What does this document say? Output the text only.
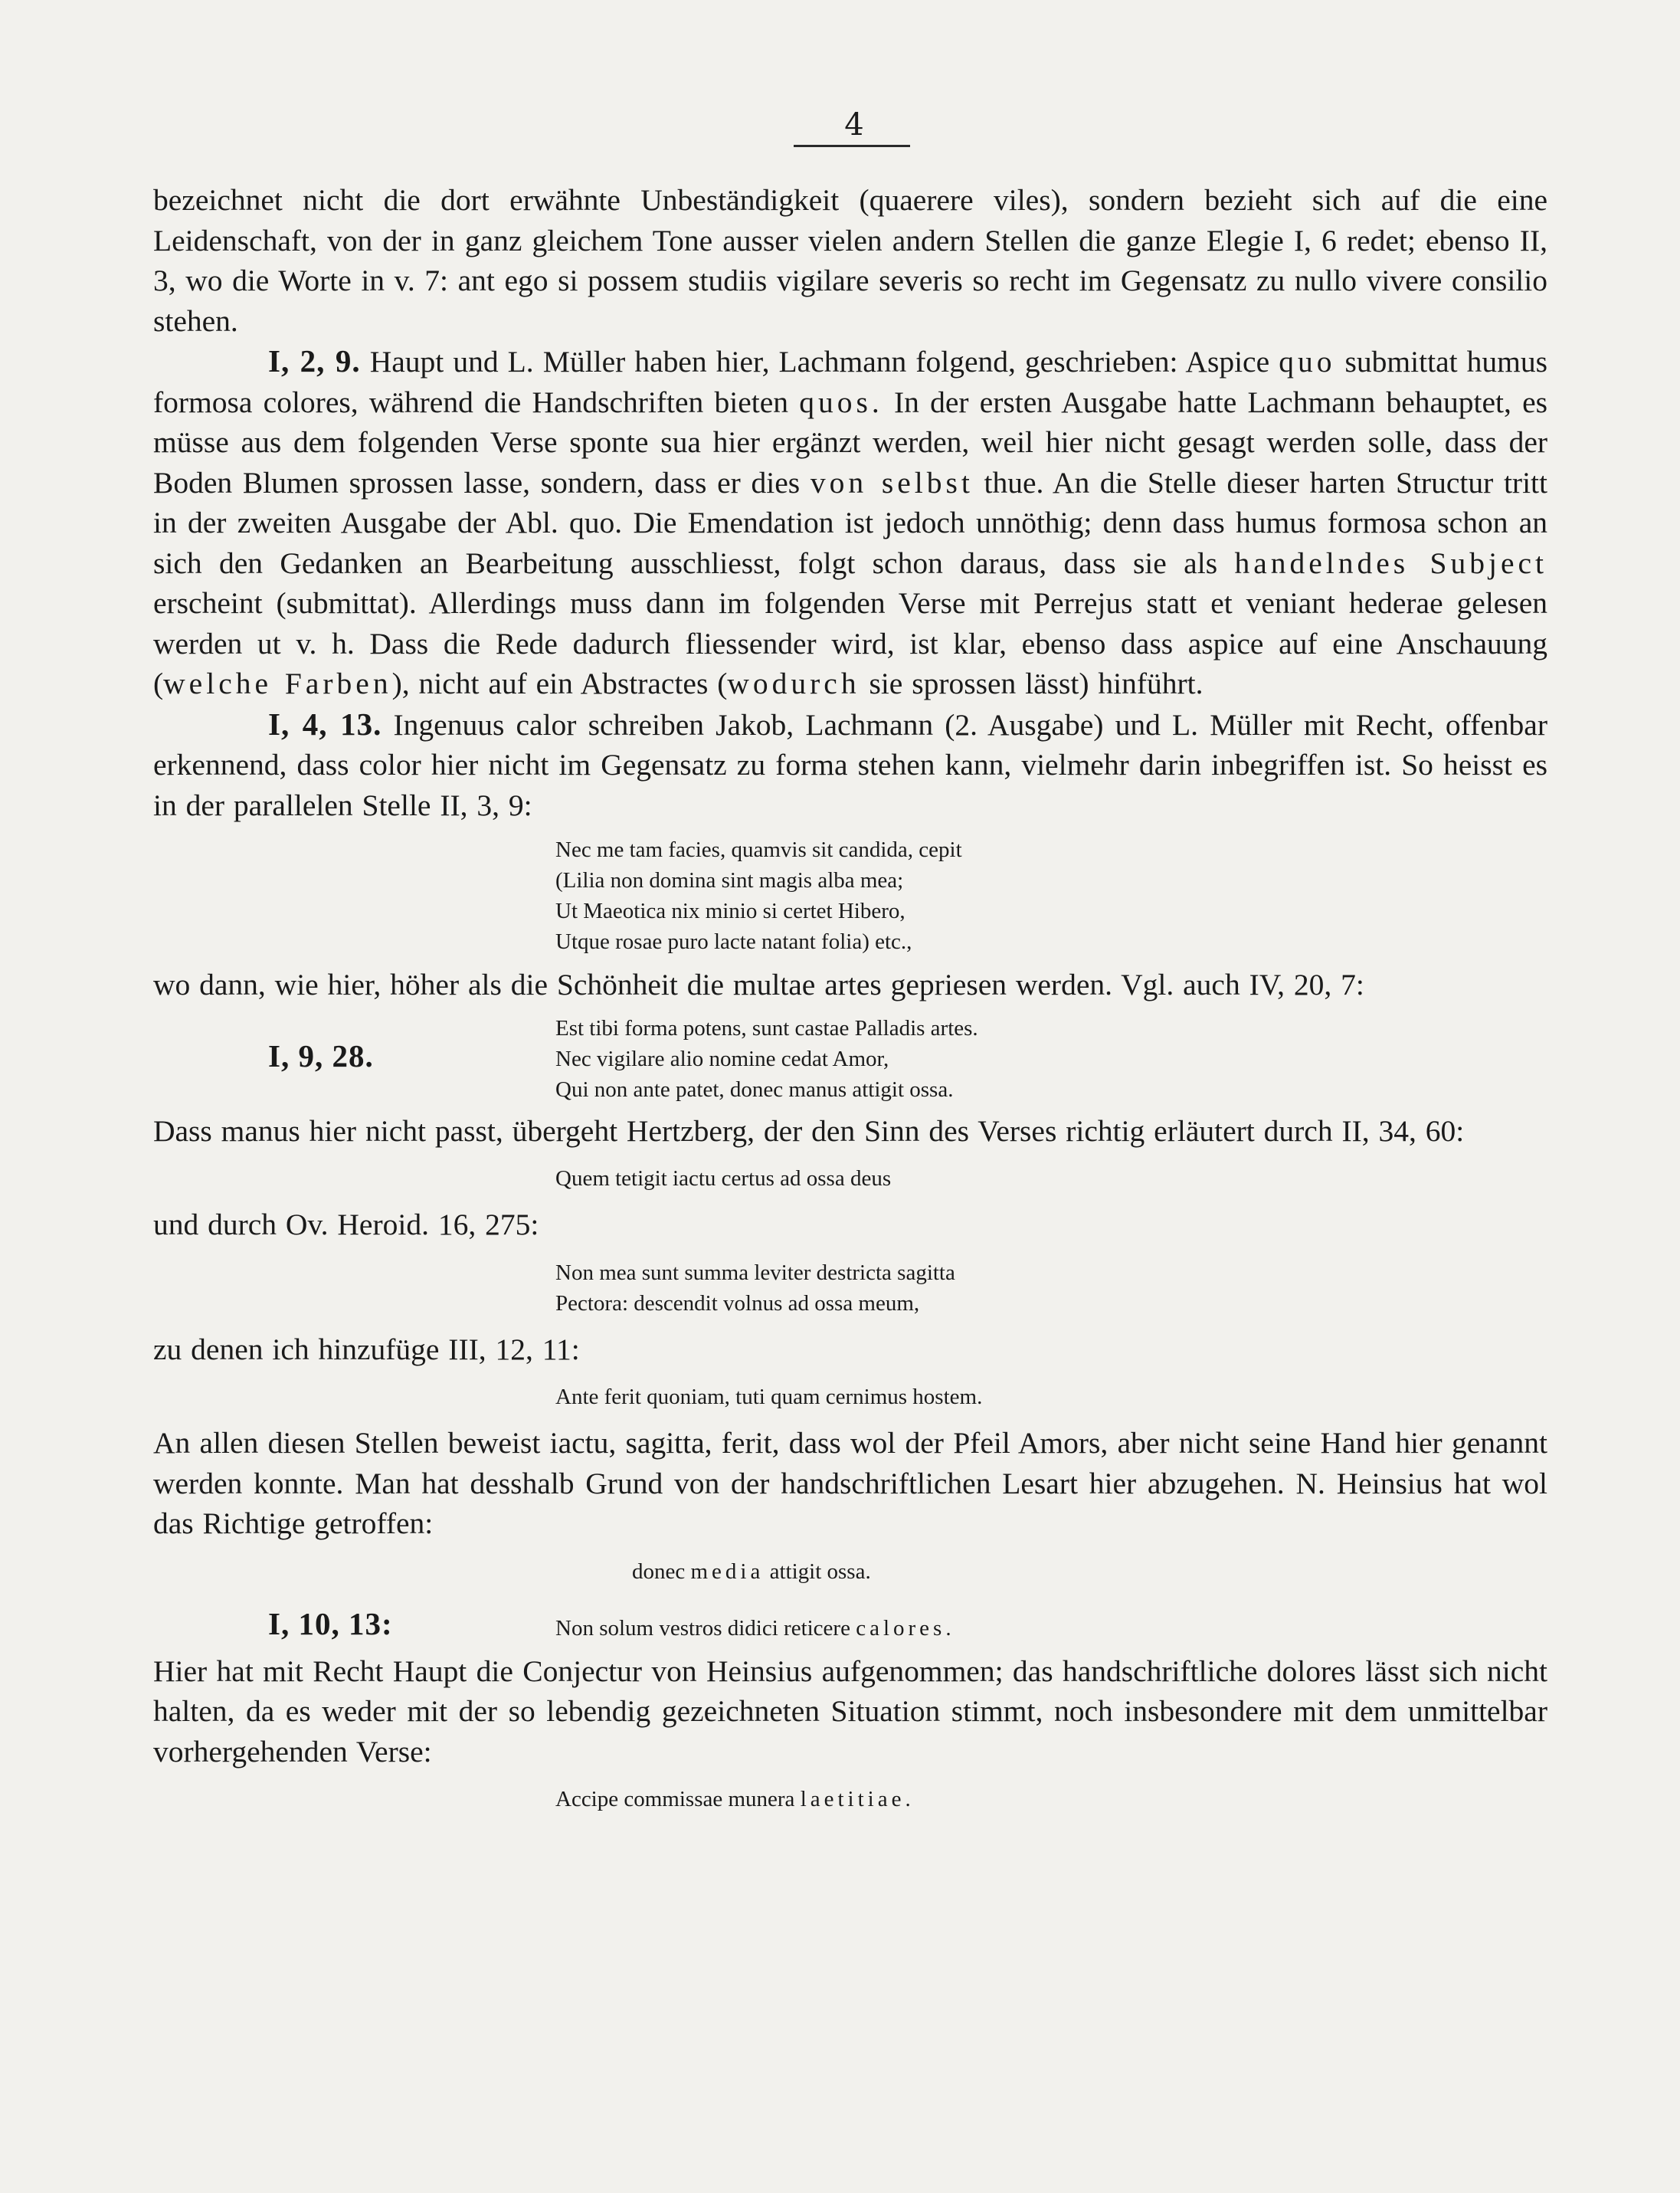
4

bezeichnet nicht die dort erwähnte Unbeständigkeit (quaerere viles), sondern bezieht sich auf die eine Leidenschaft, von der in ganz gleichem Tone ausser vielen andern Stellen die ganze Elegie I, 6 redet; ebenso II, 3, wo die Worte in v. 7: ant ego si possem studiis vigilare severis so recht im Gegensatz zu nullo vivere consilio stehen.

I, 2, 9. Haupt und L. Müller haben hier, Lachmann folgend, geschrieben: Aspice quo submittat humus formosa colores, während die Handschriften bieten quos. In der ersten Ausgabe hatte Lachmann behauptet, es müsse aus dem folgenden Verse sponte sua hier ergänzt werden, weil hier nicht gesagt werden solle, dass der Boden Blumen sprossen lasse, sondern, dass er dies von selbst thue. An die Stelle dieser harten Structur tritt in der zweiten Ausgabe der Abl. quo. Die Emendation ist jedoch unnöthig; denn dass humus formosa schon an sich den Gedanken an Bearbeitung ausschliesst, folgt schon daraus, dass sie als handelndes Subject erscheint (submittat). Allerdings muss dann im folgenden Verse mit Perrejus statt et veniant hederae gelesen werden ut v. h. Dass die Rede dadurch fliessender wird, ist klar, ebenso dass aspice auf eine Anschauung (welche Farben), nicht auf ein Abstractes (wodurch sie sprossen lässt) hinführt.

I, 4, 13. Ingenuus calor schreiben Jakob, Lachmann (2. Ausgabe) und L. Müller mit Recht, offenbar erkennend, dass color hier nicht im Gegensatz zu forma stehen kann, vielmehr darin inbegriffen ist. So heisst es in der parallelen Stelle II, 3, 9:

Nec me tam facies, quamvis sit candida, cepit

(Lilia non domina sint magis alba mea;

Ut Maeotica nix minio si certet Hibero,

Utque rosae puro lacte natant folia) etc.,

wo dann, wie hier, höher als die Schönheit die multae artes gepriesen werden. Vgl. auch IV, 20, 7:

I, 9, 28.

Est tibi forma potens, sunt castae Palladis artes.

Nec vigilare alio nomine cedat Amor,

Qui non ante patet, donec manus attigit ossa.

Dass manus hier nicht passt, übergeht Hertzberg, der den Sinn des Verses richtig erläutert durch II, 34, 60:

Quem tetigit iactu certus ad ossa deus

und durch Ov. Heroid. 16, 275:

Non mea sunt summa leviter destricta sagitta

Pectora: descendit volnus ad ossa meum,

zu denen ich hinzufüge III, 12, 11:

Ante ferit quoniam, tuti quam cernimus hostem.

An allen diesen Stellen beweist iactu, sagitta, ferit, dass wol der Pfeil Amors, aber nicht seine Hand hier genannt werden konnte. Man hat desshalb Grund von der handschriftlichen Lesart hier abzugehen. N. Heinsius hat wol das Richtige getroffen:

donec media attigit ossa.

I, 10, 13:	Non solum vestros didici reticere calores.

Hier hat mit Recht Haupt die Conjectur von Heinsius aufgenommen; das handschriftliche dolores lässt sich nicht halten, da es weder mit der so lebendig gezeichneten Situation stimmt, noch insbesondere mit dem unmittelbar vorhergehenden Verse:

Accipe commissae munera laetitiae.
